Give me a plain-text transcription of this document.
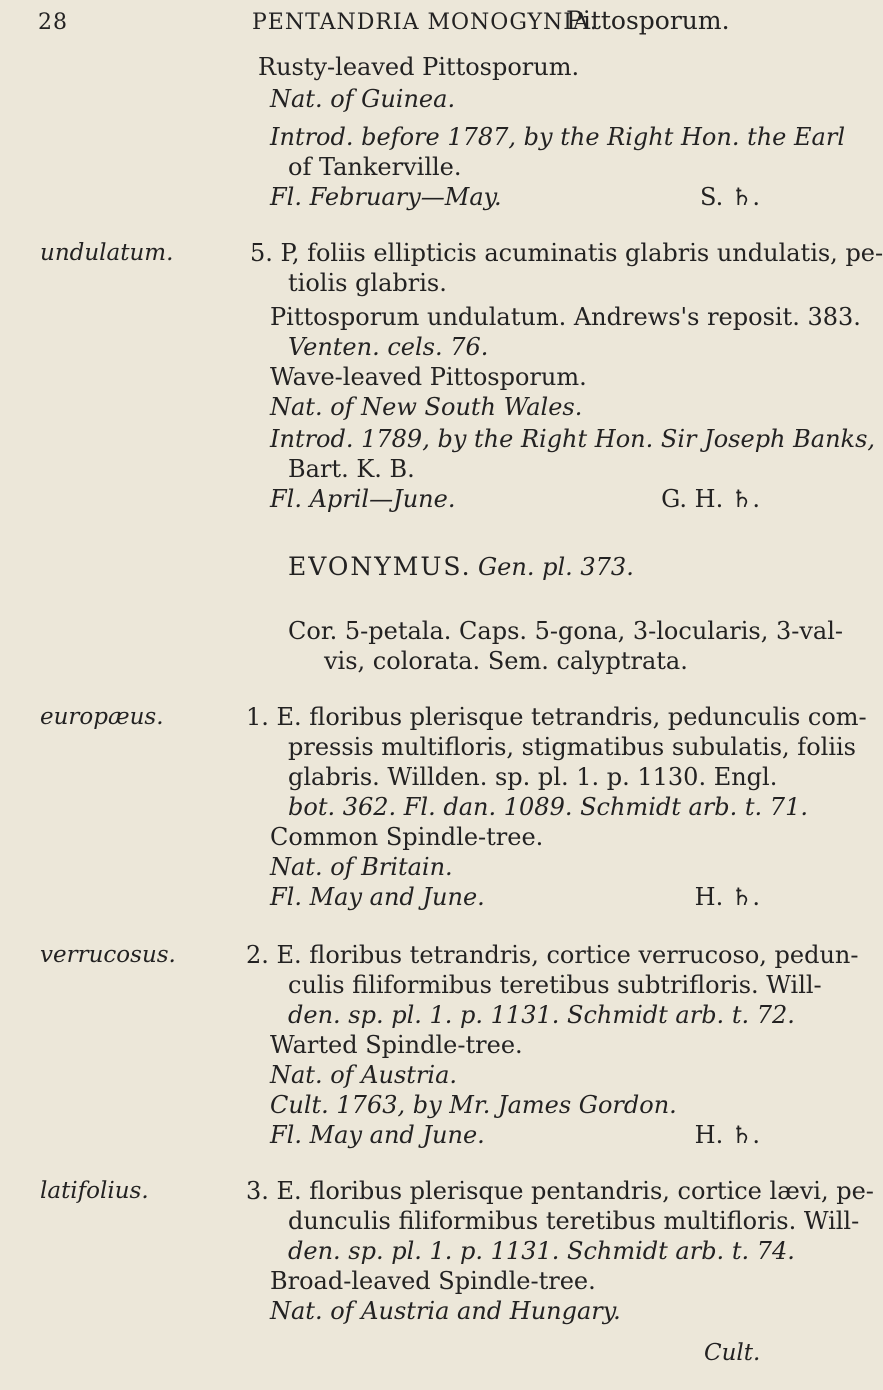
28	PENTANDRIA MONOGYNIA.
Pittosporum.
Rusty-leaved Pittosporum.
Nat. of Guinea.
Introd. before 1787, by the Right Hon. the Earl
of Tankerville.
Fl. February—May.	S. ♄.
undulatum.	5. P, foliis ellipticis acuminatis glabris undulatis, pe-
tiolis glabris.
Pittosporum undulatum. Andrews's reposit. 383.
Venten. cels. 76.
Wave-leaved Pittosporum.
Nat. of New South Wales.
Introd. 1789, by the Right Hon. Sir Joseph Banks,
Bart. K. B.
Fl. April—June.	G. H. ♄.
EVONYMUS. Gen. pl. 373.
Cor. 5-petala. Caps. 5-gona, 3-locularis, 3-val-
vis, colorata. Sem. calyptrata.
europæus.	1. E. floribus plerisque tetrandris, pedunculis com-
pressis multifloris, stigmatibus subulatis, foliis
glabris. Willden. sp. pl. 1. p. 1130. Engl.
bot. 362. Fl. dan. 1089. Schmidt arb. t. 71.
Common Spindle-tree.
Nat. of Britain.
Fl. May and June.	H. ♄.
verrucosus.	2. E. floribus tetrandris, cortice verrucoso, pedun-
culis filiformibus teretibus subtrifloris. Will-
den. sp. pl. 1. p. 1131. Schmidt arb. t. 72.
Warted Spindle-tree.
Nat. of Austria.
Cult. 1763, by Mr. James Gordon.
Fl. May and June.	H. ♄.
latifolius.	3. E. floribus plerisque pentandris, cortice lævi, pe-
dunculis filiformibus teretibus multifloris. Will-
den. sp. pl. 1. p. 1131. Schmidt arb. t. 74.
Broad-leaved Spindle-tree.
Nat. of Austria and Hungary.
Cult.
